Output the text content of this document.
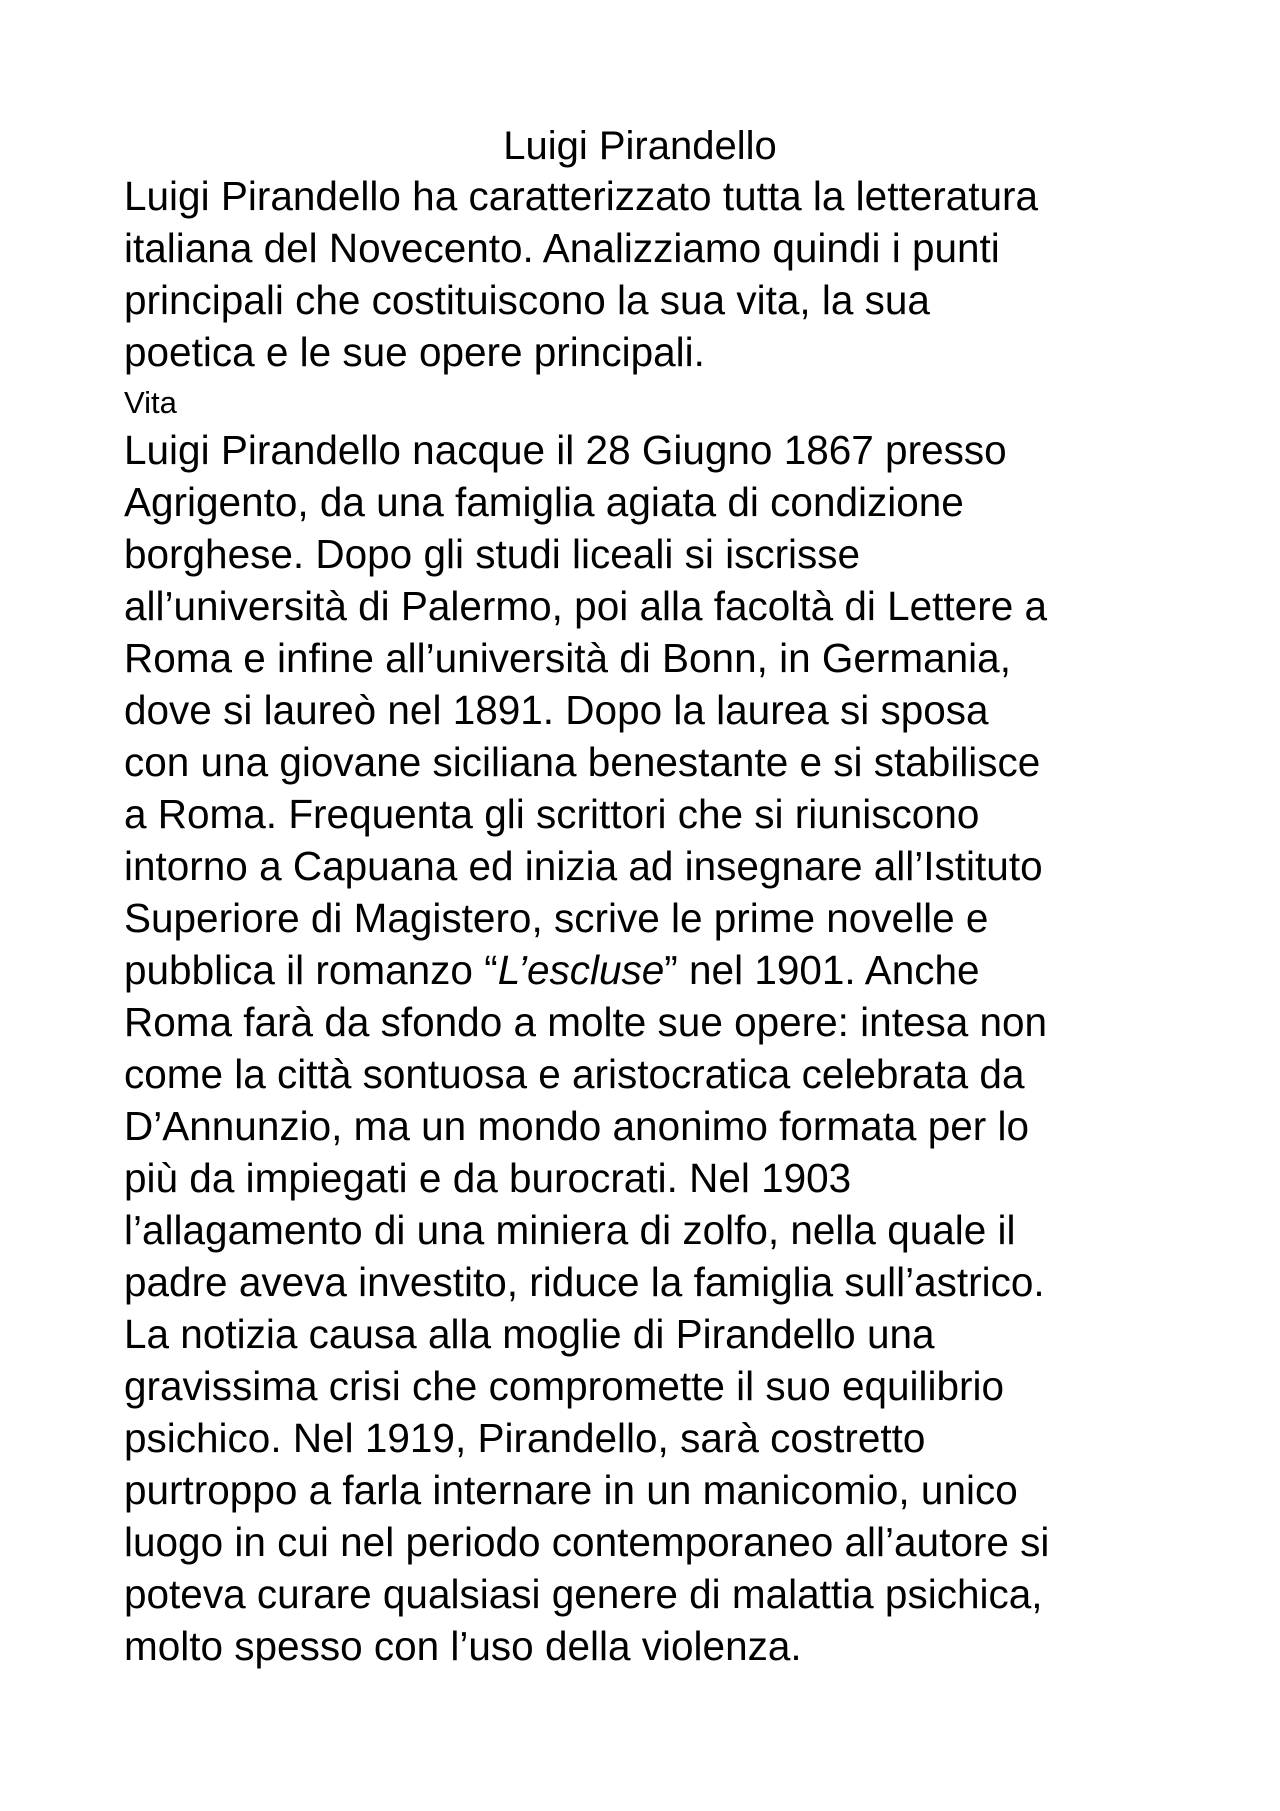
Luigi Pirandello

Luigi Pirandello ha caratterizzato tutta la letteratura

italiana del Novecento. Analizziamo quindi i punti

principali che costituiscono la sua vita, la sua

poetica e le sue opere principali.

Vita

Luigi Pirandello nacque il 28 Giugno 1867 presso

Agrigento, da una famiglia agiata di condizione

borghese. Dopo gli studi liceali si iscrisse

all’università di Palermo, poi alla facoltà di Lettere a

Roma e infine all’università di Bonn, in Germania,

dove si laureò nel 1891. Dopo la laurea si sposa

con una giovane siciliana benestante e si stabilisce

a Roma. Frequenta gli scrittori che si riuniscono

intorno a Capuana ed inizia ad insegnare all’Istituto

Superiore di Magistero, scrive le prime novelle e

pubblica il romanzo “L’escluse” nel 1901. Anche

Roma farà da sfondo a molte sue opere: intesa non

come la città sontuosa e aristocratica celebrata da

D’Annunzio, ma un mondo anonimo formata per lo

più da impiegati e da burocrati. Nel 1903

l’allagamento di una miniera di zolfo, nella quale il

padre aveva investito, riduce la famiglia sull’astrico.

La notizia causa alla moglie di Pirandello una

gravissima crisi che compromette il suo equilibrio

psichico. Nel 1919, Pirandello, sarà costretto

purtroppo a farla internare in un manicomio, unico

luogo in cui nel periodo contemporaneo all’autore si

poteva curare qualsiasi genere di malattia psichica,

molto spesso con l’uso della violenza.
